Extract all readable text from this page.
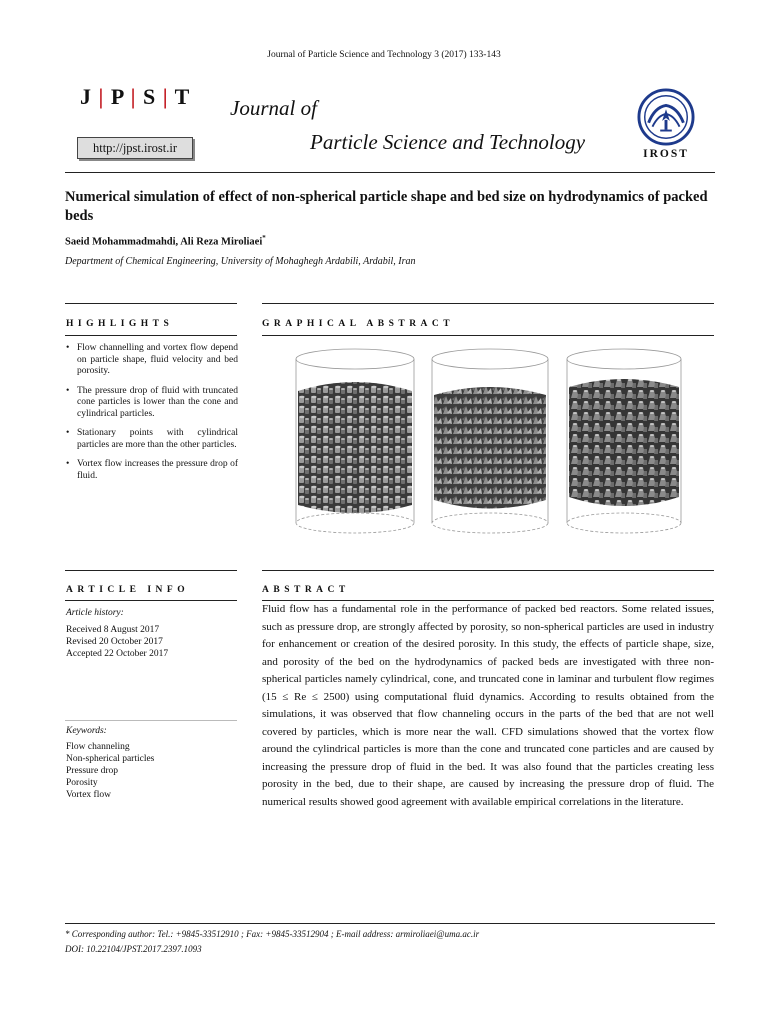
Journal of Particle Science and Technology 3 (2017) 133-143
J | P | S | T
http://jpst.irost.ir
Journal of
Particle Science and Technology	IROST
Numerical simulation of effect of non-spherical particle shape and bed size on hydrodynamics of packed beds
Saeid Mohammadmahdi, Ali Reza Miroliaei*
Department of Chemical Engineering, University of Mohaghegh Ardabili, Ardabil, Iran
HIGHLIGHTS
• Flow channelling and vortex flow depend on particle shape, fluid velocity and bed porosity.
• The pressure drop of fluid with truncated cone particles is lower than the cone and cylindrical particles.
• Stationary points with cylindrical particles are more than the other particles.
• Vortex flow increases the pressure drop of fluid.
GRAPHICAL ABSTRACT
ARTICLE INFO
Article history:
Received 8 August 2017
Revised 20 October 2017
Accepted 22 October 2017
Keywords:
Flow channeling
Non-spherical particles
Pressure drop
Porosity
Vortex flow
ABSTRACT

Fluid flow has a fundamental role in the performance of packed bed reactors. Some related issues, such as pressure drop, are strongly affected by porosity, so non-spherical particles are used in industry for enhancement or creation of the desired porosity. In this study, the effects of particle shape, size, and porosity of the bed on the hydrodynamics of packed beds are investigated with three non-spherical particles namely cylindrical, cone, and truncated cone in laminar and turbulent flow regimes (15 ≤ Re ≤ 2500) using computational fluid dynamics. According to results obtained from the simulations, it was observed that flow channeling occurs in the parts of the bed that are not well covered by particles, which is more near the wall. CFD simulations showed that the vortex flow around the cylindrical particles is more than the cone and truncated cone particles and are caused by increasing the pressure drop of fluid in the bed. It was also found that the particles creating less porosity in the bed, due to their shape, are caused by increasing the pressure drop of fluid. The numerical results showed good agreement with available empirical correlations in the literature.

* Corresponding author: Tel.: +9845-33512910 ; Fax: +9845-33512904 ; E-mail address: armiroliaei@uma.ac.ir
DOI: 10.22104/JPST.2017.2397.1093
